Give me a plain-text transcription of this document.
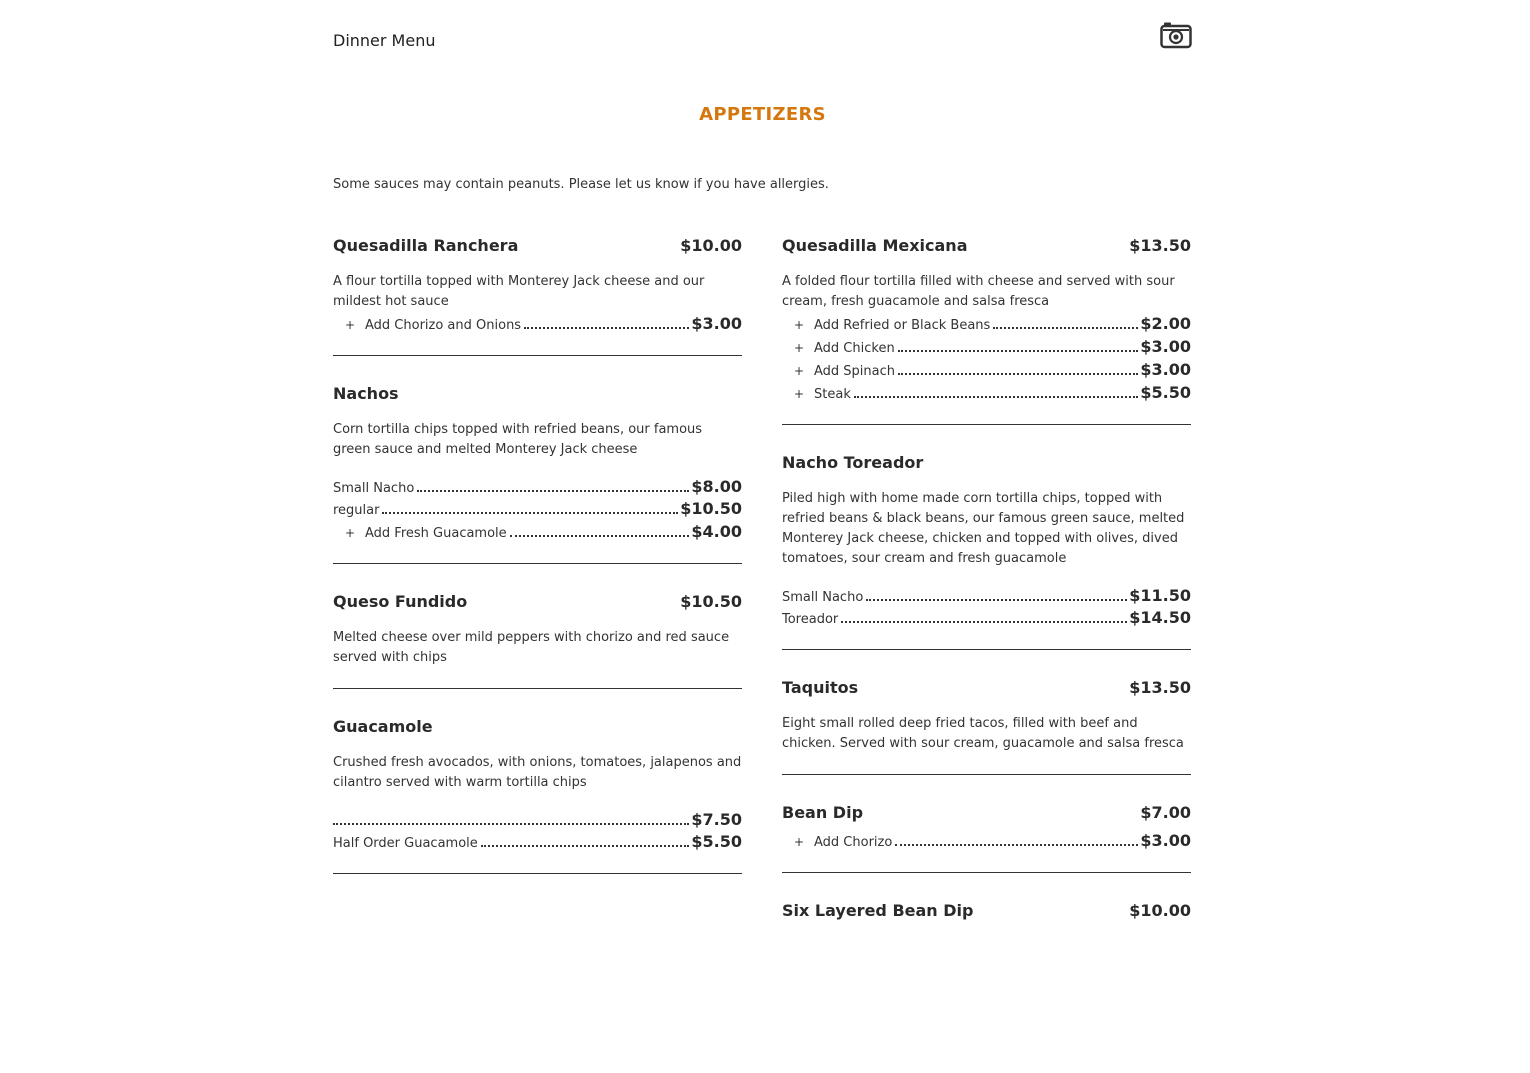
Dinner Menu
APPETIZERS
Some sauces may contain peanuts. Please let us know if you have allergies.
Quesadilla Ranchera	$10.00
A flour tortilla topped with Monterey Jack cheese and our mildest hot sauce
+ Add Chorizo and Onions	$3.00
Nachos
Corn tortilla chips topped with refried beans, our famous green sauce and melted Monterey Jack cheese
Small Nacho	$8.00
regular	$10.50
+ Add Fresh Guacamole	$4.00
Queso Fundido	$10.50
Melted cheese over mild peppers with chorizo and red sauce served with chips
Guacamole
Crushed fresh avocados, with onions, tomatoes, jalapenos and cilantro served with warm tortilla chips
$7.50
Half Order Guacamole	$5.50
Quesadilla Mexicana	$13.50
A folded flour tortilla filled with cheese and served with sour cream, fresh guacamole and salsa fresca
+ Add Refried or Black Beans	$2.00
+ Add Chicken	$3.00
+ Add Spinach	$3.00
+ Steak	$5.50
Nacho Toreador
Piled high with home made corn tortilla chips, topped with refried beans & black beans, our famous green sauce, melted Monterey Jack cheese, chicken and topped with olives, dived tomatoes, sour cream and fresh guacamole
Small Nacho	$11.50
Toreador	$14.50
Taquitos	$13.50
Eight small rolled deep fried tacos, filled with beef and chicken. Served with sour cream, guacamole and salsa fresca
Bean Dip	$7.00
+ Add Chorizo	$3.00
Six Layered Bean Dip	$10.00
